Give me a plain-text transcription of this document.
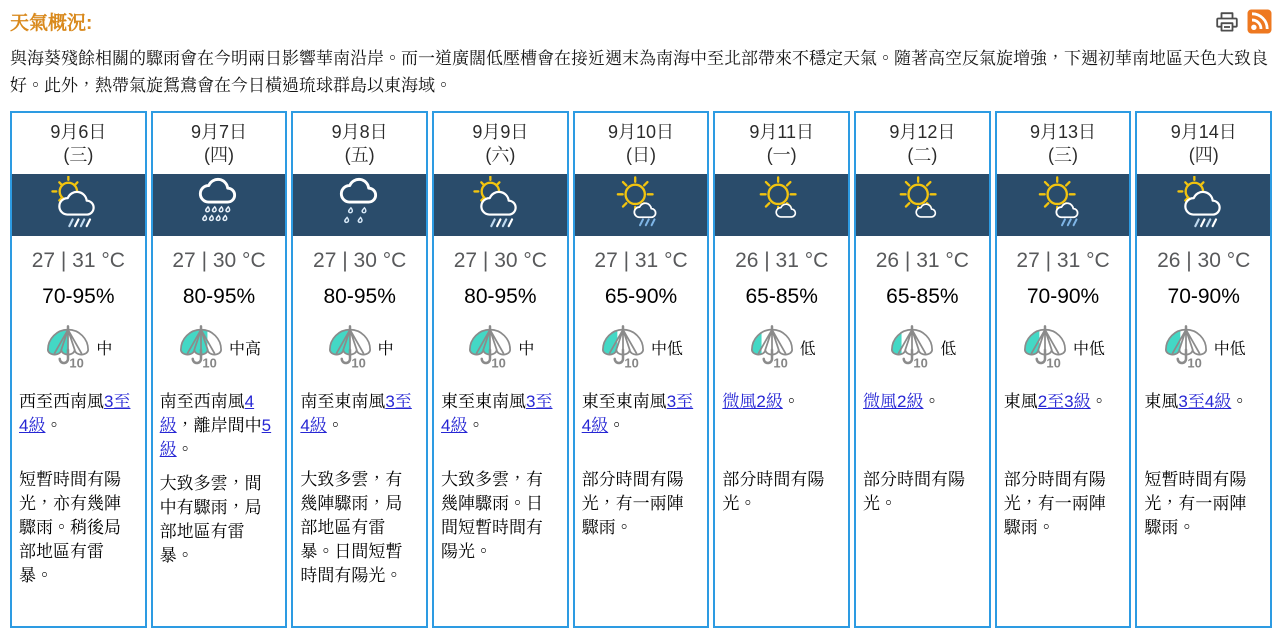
天氣概況:

與海葵殘餘相關的驟雨會在今明兩日影響華南沿岸。而一道廣闊低壓槽會在接近週末為南海中至北部帶來不穩定天氣。隨著高空反氣旋增強，下週初華南地區天色大致良好。此外，熱帶氣旋鴛鴦會在今日橫過琉球群島以東海域。

9月6日
(三)
27 | 31 °C
70-95%
10
中
西至西南風3至4級。
短暫時間有陽光，亦有幾陣驟雨。稍後局部地區有雷暴。
9月7日
(四)
27 | 30 °C
80-95%
10
中高
南至西南風4級，離岸間中5級。
大致多雲，間中有驟雨，局部地區有雷暴。
9月8日
(五)
27 | 30 °C
80-95%
10
中
南至東南風3至4級。
大致多雲，有幾陣驟雨，局部地區有雷暴。日間短暫時間有陽光。
9月9日
(六)
27 | 30 °C
80-95%
10
中
東至東南風3至4級。
大致多雲，有幾陣驟雨。日間短暫時間有陽光。
9月10日
(日)
27 | 31 °C
65-90%
10
中低
東至東南風3至4級。
部分時間有陽光，有一兩陣驟雨。
9月11日
(一)
26 | 31 °C
65-85%
10
低
微風2級。
部分時間有陽光。
9月12日
(二)
26 | 31 °C
65-85%
10
低
微風2級。
部分時間有陽光。
9月13日
(三)
27 | 31 °C
70-90%
10
中低
東風2至3級。
部分時間有陽光，有一兩陣驟雨。
9月14日
(四)
26 | 30 °C
70-90%
10
中低
東風3至4級。
短暫時間有陽光，有一兩陣驟雨。
